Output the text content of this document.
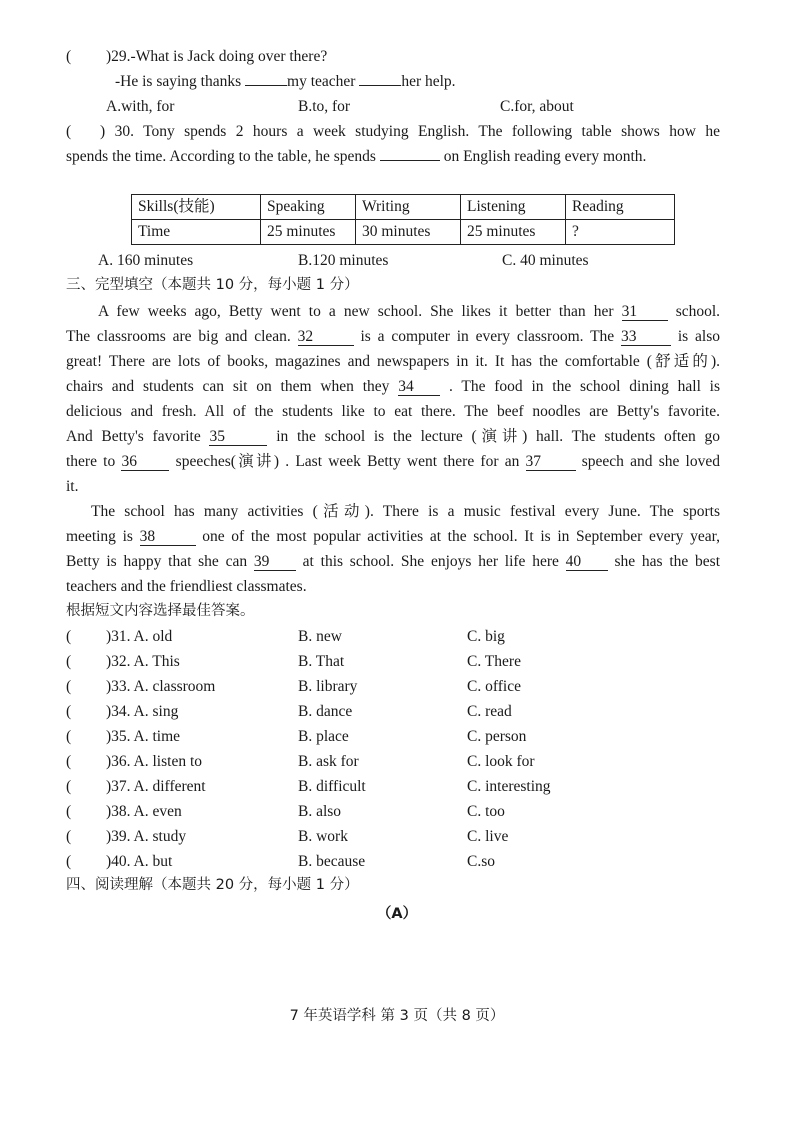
( )29.-What is Jack doing over there?
-He is saying thanks	my teacher	her help.
A.with, for	B.to, for	C.for, about
( ) 30. Tony spends 2 hours a week studying English. The following table shows how he
spends the time. According to the table, he spends	on English reading every month.
Skills(技能)	Speaking	Writing	Listening	Reading
Time	25 minutes	30 minutes	25 minutes	?
A. 160 minutes	B.120 minutes	C. 40 minutes
三、完型填空（本题共 10 分，每小题 1 分）
A few weeks ago, Betty went to a new school. She likes it better than her 31 school.
The classrooms are big and clean. 32	is a computer in every classroom. The 33	is also
great! There are lots of books, magazines and newspapers in it. It has the comfortable (舒适的).
chairs and students can sit on them when they 34 . The food in the school dining hall is
delicious and fresh. All of the students like to eat there. The beef noodles are Betty's favorite.
And Betty's favorite 35	in the school is the lecture (演讲) hall. The students often go
there to 36 speeches(演讲) . Last week Betty went there for an 37	speech and she loved
it.
The school has many activities (活动). There is a music festival every June. The sports
meeting is 38	one of the most popular activities at the school. It is in September every year,
Betty is happy that she can 39 at this school. She enjoys her life here 40 she has the best
teachers and the friendliest classmates.
根据短文内容选择最佳答案。
( )31. A. old	B. new	C. big
( )32. A. This	B. That	C. There
( )33. A. classroom	B. library	C. office
( )34. A. sing	B. dance	C. read
( )35. A. time	B. place	C. person
( )36. A. listen to	B. ask for	C. look for
( )37. A. different	B. difficult	C. interesting
( )38. A. even	B. also	C. too
( )39. A. study	B. work	C. live
( )40. A. but	B. because	C.so
四、阅读理解（本题共 20 分，每小题 1 分）
（A）
7 年英语学科 第 3 页（共 8 页）
